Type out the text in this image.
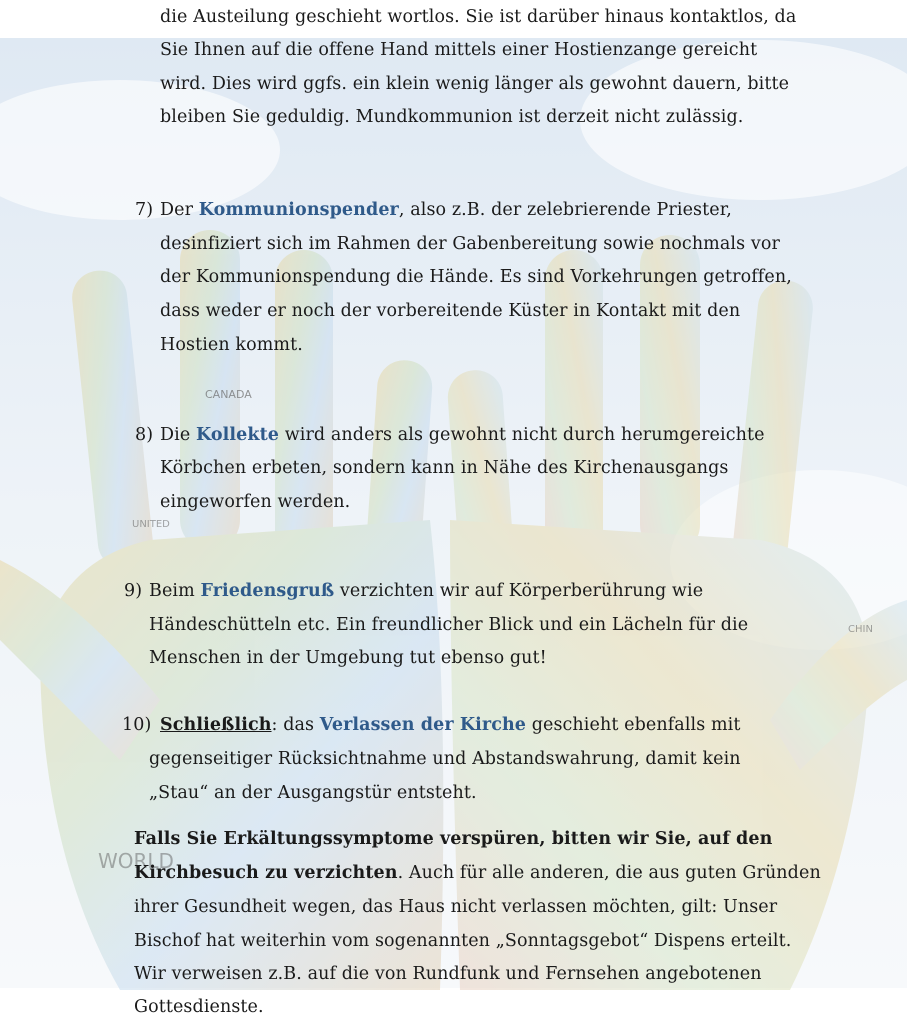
CANADA
UNITED
WORLD
CHIN

die Austeilung geschieht wortlos. Sie ist darüber hinaus kontaktlos, da

Sie Ihnen auf die offene Hand mittels einer Hostienzange gereicht

wird. Dies wird ggfs. ein klein wenig länger als gewohnt dauern, bitte

bleiben Sie geduldig. Mundkommunion ist derzeit nicht zulässig.

7) Der Kommunionspender, also z.B. der zelebrierende Priester,

desinfiziert sich im Rahmen der Gabenbereitung sowie nochmals vor

der Kommunionspendung die Hände. Es sind Vorkehrungen getroffen,

dass weder er noch der vorbereitende Küster in Kontakt mit den

Hostien kommt.

8) Die Kollekte wird anders als gewohnt nicht durch herumgereichte

Körbchen erbeten, sondern kann in Nähe des Kirchenausgangs

eingeworfen werden.

9) Beim Friedensgruß verzichten wir auf Körperberührung wie

Händeschütteln etc. Ein freundlicher Blick und ein Lächeln für die

Menschen in der Umgebung tut ebenso gut!

10) Schließlich: das Verlassen der Kirche geschieht ebenfalls mit

gegenseitiger Rücksichtnahme und Abstandswahrung, damit kein

„Stau“ an der Ausgangstür entsteht.

Falls Sie Erkältungssymptome verspüren, bitten wir Sie, auf den

Kirchbesuch zu verzichten. Auch für alle anderen, die aus guten Gründen

ihrer Gesundheit wegen, das Haus nicht verlassen möchten, gilt: Unser

Bischof hat weiterhin vom sogenannten „Sonntagsgebot“ Dispens erteilt.

Wir verweisen z.B. auf die von Rundfunk und Fernsehen angebotenen

Gottesdienste.
